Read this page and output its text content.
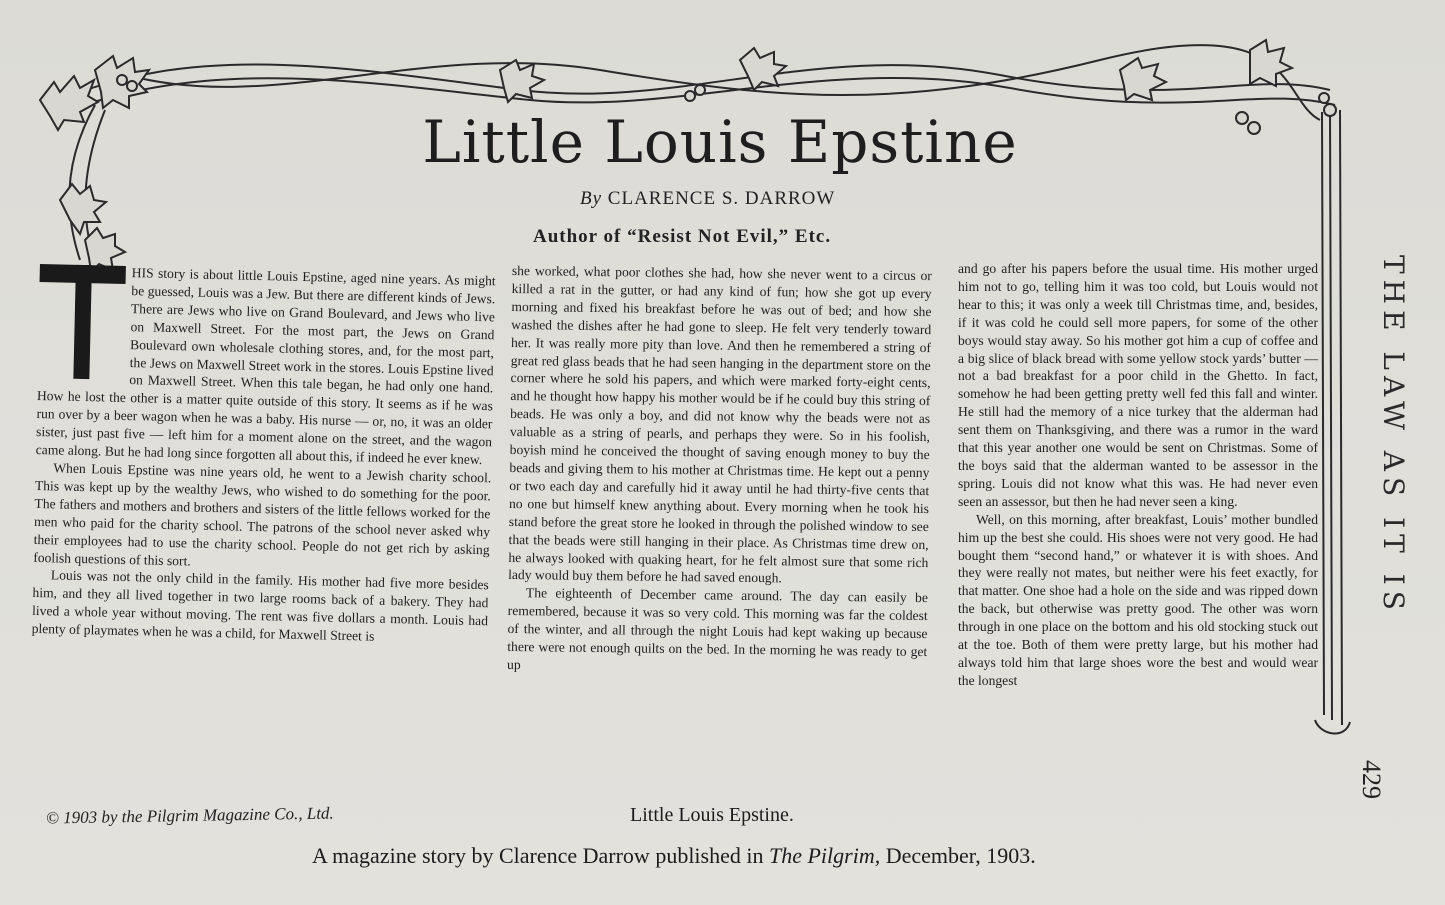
Little Louis Epstine
By CLARENCE S. DARROW
Author of “Resist Not Evil,” Etc.

HIS story is about little Louis Epstine, aged nine years. As might be guessed, Louis was a Jew. But there are different kinds of Jews. There are Jews who live on Grand Boulevard, and Jews who live on Maxwell Street. For the most part, the Jews on Grand Boulevard own wholesale clothing stores, and, for the most part, the Jews on Maxwell Street work in the stores. Louis Epstine lived on Maxwell Street. When this tale began, he had only one hand. How he lost the other is a matter quite outside of this story. It seems as if he was run over by a beer wagon when he was a baby. His nurse — or, no, it was an older sister, just past five — left him for a moment alone on the street, and the wagon came along. But he had long since forgotten all about this, if indeed he ever knew.

When Louis Epstine was nine years old, he went to a Jewish charity school. This was kept up by the wealthy Jews, who wished to do something for the poor. The fathers and mothers and brothers and sisters of the little fellows worked for the men who paid for the charity school. The patrons of the school never asked why their employees had to use the charity school. People do not get rich by asking foolish questions of this sort.

Louis was not the only child in the family. His mother had five more besides him, and they all lived together in two large rooms back of a bakery. They had lived a whole year without moving. The rent was five dollars a month. Louis had plenty of playmates when he was a child, for Maxwell Street is

she worked, what poor clothes she had, how she never went to a circus or killed a rat in the gutter, or had any kind of fun; how she got up every morning and fixed his breakfast before he was out of bed; and how she washed the dishes after he had gone to sleep. He felt very tenderly toward her. It was really more pity than love. And then he remembered a string of great red glass beads that he had seen hanging in the department store on the corner where he sold his papers, and which were marked forty-eight cents, and he thought how happy his mother would be if he could buy this string of beads. He was only a boy, and did not know why the beads were not as valuable as a string of pearls, and perhaps they were. So in his foolish, boyish mind he conceived the thought of saving enough money to buy the beads and giving them to his mother at Christmas time. He kept out a penny or two each day and carefully hid it away until he had thirty-five cents that no one but himself knew anything about. Every morning when he took his stand before the great store he looked in through the polished window to see that the beads were still hanging in their place. As Christmas time drew on, he always looked with quaking heart, for he felt almost sure that some rich lady would buy them before he had saved enough.

The eighteenth of December came around. The day can easily be remembered, because it was so very cold. This morning was far the coldest of the winter, and all through the night Louis had kept waking up because there were not enough quilts on the bed. In the morning he was ready to get up

and go after his papers before the usual time. His mother urged him not to go, telling him it was too cold, but Louis would not hear to this; it was only a week till Christmas time, and, besides, if it was cold he could sell more papers, for some of the other boys would stay away. So his mother got him a cup of coffee and a big slice of black bread with some yellow stock yards’ butter — not a bad breakfast for a poor child in the Ghetto. In fact, somehow he had been getting pretty well fed this fall and winter. He still had the memory of a nice turkey that the alderman had sent them on Thanksgiving, and there was a rumor in the ward that this year another one would be sent on Christmas. Some of the boys said that the alderman wanted to be assessor in the spring. Louis did not know what this was. He had never even seen an assessor, but then he had never seen a king.

Well, on this morning, after breakfast, Louis’ mother bundled him up the best she could. His shoes were not very good. He had bought them “second hand,” or whatever it is with shoes. And they were really not mates, but neither were his feet exactly, for that matter. One shoe had a hole on the side and was ripped down the back, but otherwise was pretty good. The other was worn through in one place on the bottom and his old stocking stuck out at the toe. Both of them were pretty large, but his mother had always told him that large shoes wore the best and would wear the longest

THE LAW AS IT IS
429
© 1903 by the Pilgrim Magazine Co., Ltd.	Little Louis Epstine.
A magazine story by Clarence Darrow published in The Pilgrim, December, 1903.
